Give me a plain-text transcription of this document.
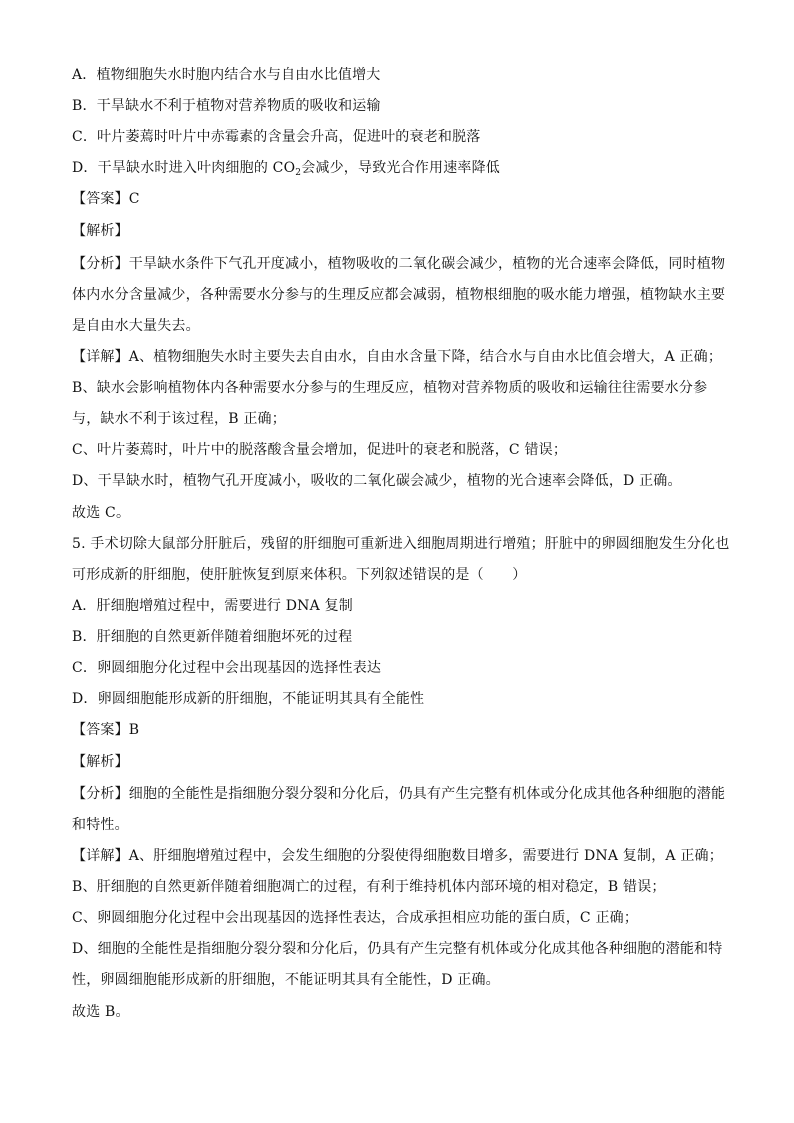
A．植物细胞失水时胞内结合水与自由水比值增大
B．干旱缺水不利于植物对营养物质的吸收和运输
C．叶片萎蔫时叶片中赤霉素的含量会升高，促进叶的衰老和脱落
D．干旱缺水时进入叶肉细胞的 $CO_2$会减少，导致光合作用速率降低
【答案】C
【解析】
【分析】干旱缺水条件下气孔开度减小，植物吸收的二氧化碳会减少，植物的光合速率会降低，同时植物
体内水分含量减少，各种需要水分参与的生理反应都会减弱，植物根细胞的吸水能力增强，植物缺水主要
是自由水大量失去。
【详解】A、植物细胞失水时主要失去自由水，自由水含量下降，结合水与自由水比值会增大，A 正确；
B、缺水会影响植物体内各种需要水分参与的生理反应，植物对营养物质的吸收和运输往往需要水分参
与，缺水不利于该过程，B 正确；
C、叶片萎蔫时，叶片中的脱落酸含量会增加，促进叶的衰老和脱落，C 错误；
D、干旱缺水时，植物气孔开度减小，吸收的二氧化碳会减少，植物的光合速率会降低，D 正确。
故选 C。
5. 手术切除大鼠部分肝脏后，残留的肝细胞可重新进入细胞周期进行增殖；肝脏中的卵圆细胞发生分化也
可形成新的肝细胞，使肝脏恢复到原来体积。下列叙述错误的是（　　）
A．肝细胞增殖过程中，需要进行 DNA 复制
B．肝细胞的自然更新伴随着细胞坏死的过程
C．卵圆细胞分化过程中会出现基因的选择性表达
D．卵圆细胞能形成新的肝细胞，不能证明其具有全能性
【答案】B
【解析】
【分析】细胞的全能性是指细胞分裂分裂和分化后，仍具有产生完整有机体或分化成其他各种细胞的潜能
和特性。
【详解】A、肝细胞增殖过程中，会发生细胞的分裂使得细胞数目增多，需要进行 DNA 复制，A 正确；
B、肝细胞的自然更新伴随着细胞凋亡的过程，有利于维持机体内部环境的相对稳定，B 错误；
C、卵圆细胞分化过程中会出现基因的选择性表达，合成承担相应功能的蛋白质，C 正确；
D、细胞的全能性是指细胞分裂分裂和分化后，仍具有产生完整有机体或分化成其他各种细胞的潜能和特
性，卵圆细胞能形成新的肝细胞，不能证明其具有全能性，D 正确。
故选 B。
